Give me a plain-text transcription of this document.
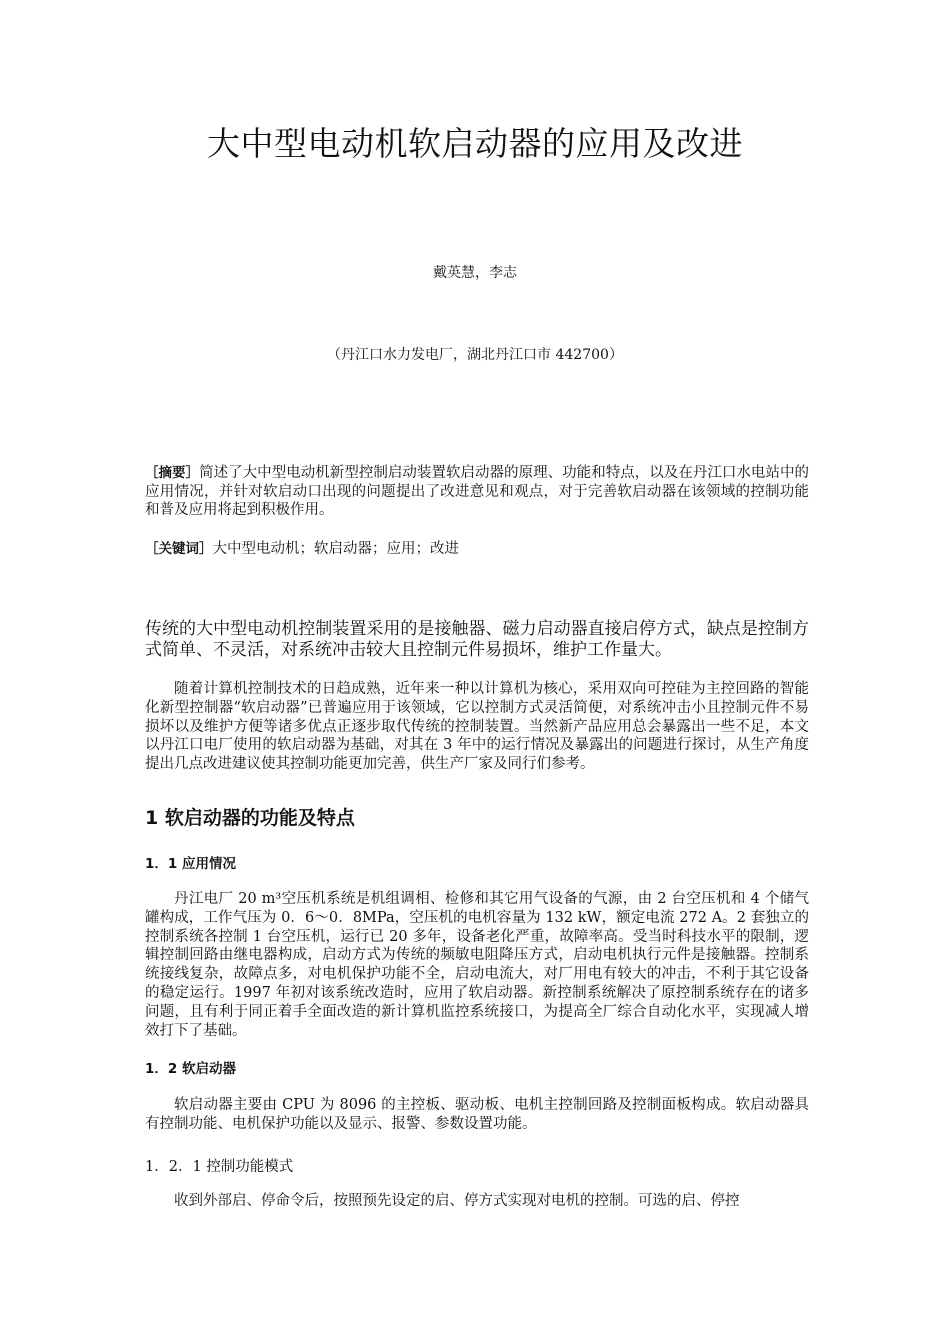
大中型电动机软启动器的应用及改进
戴英慧，李志
（丹江口水力发电厂，湖北丹江口市 442700）
［摘要］简述了大中型电动机新型控制启动装置软启动器的原理、功能和特点，以及在丹江口水电站中的应用情况，并针对软启动口出现的问题提出了改进意见和观点，对于完善软启动器在该领域的控制功能和普及应用将起到积极作用。
［关键词］大中型电动机；软启动器；应用；改进
传统的大中型电动机控制装置采用的是接触器、磁力启动器直接启停方式，缺点是控制方式简单、不灵活，对系统冲击较大且控制元件易损坏，维护工作量大。
随着计算机控制技术的日趋成熟，近年来一种以计算机为核心，采用双向可控硅为主控回路的智能化新型控制器“软启动器”已普遍应用于该领域，它以控制方式灵活简便，对系统冲击小且控制元件不易损坏以及维护方便等诸多优点正逐步取代传统的控制装置。当然新产品应用总会暴露出一些不足，本文以丹江口电厂使用的软启动器为基础，对其在 3 年中的运行情况及暴露出的问题进行探讨，从生产角度提出几点改进建议使其控制功能更加完善，供生产厂家及同行们参考。
1 软启动器的功能及特点
1．1 应用情况
丹江电厂 20 m³空压机系统是机组调相、检修和其它用气设备的气源，由 2 台空压机和 4 个储气罐构成，工作气压为 0．6～0．8MPa，空压机的电机容量为 132 kW，额定电流 272 A。2 套独立的控制系统各控制 1 台空压机，运行已 20 多年，设备老化严重，故障率高。受当时科技水平的限制，逻辑控制回路由继电器构成，启动方式为传统的频敏电阻降压方式，启动电机执行元件是接触器。控制系统接线复杂，故障点多，对电机保护功能不全，启动电流大，对厂用电有较大的冲击，不利于其它设备的稳定运行。1997 年初对该系统改造时，应用了软启动器。新控制系统解决了原控制系统存在的诸多问题，且有利于同正着手全面改造的新计算机监控系统接口，为提高全厂综合自动化水平，实现减人增效打下了基础。
1．2 软启动器
软启动器主要由 CPU 为 8096 的主控板、驱动板、电机主控制回路及控制面板构成。软启动器具有控制功能、电机保护功能以及显示、报警、参数设置功能。
1．2．1 控制功能模式
收到外部启、停命令后，按照预先设定的启、停方式实现对电机的控制。可选的启、停控
